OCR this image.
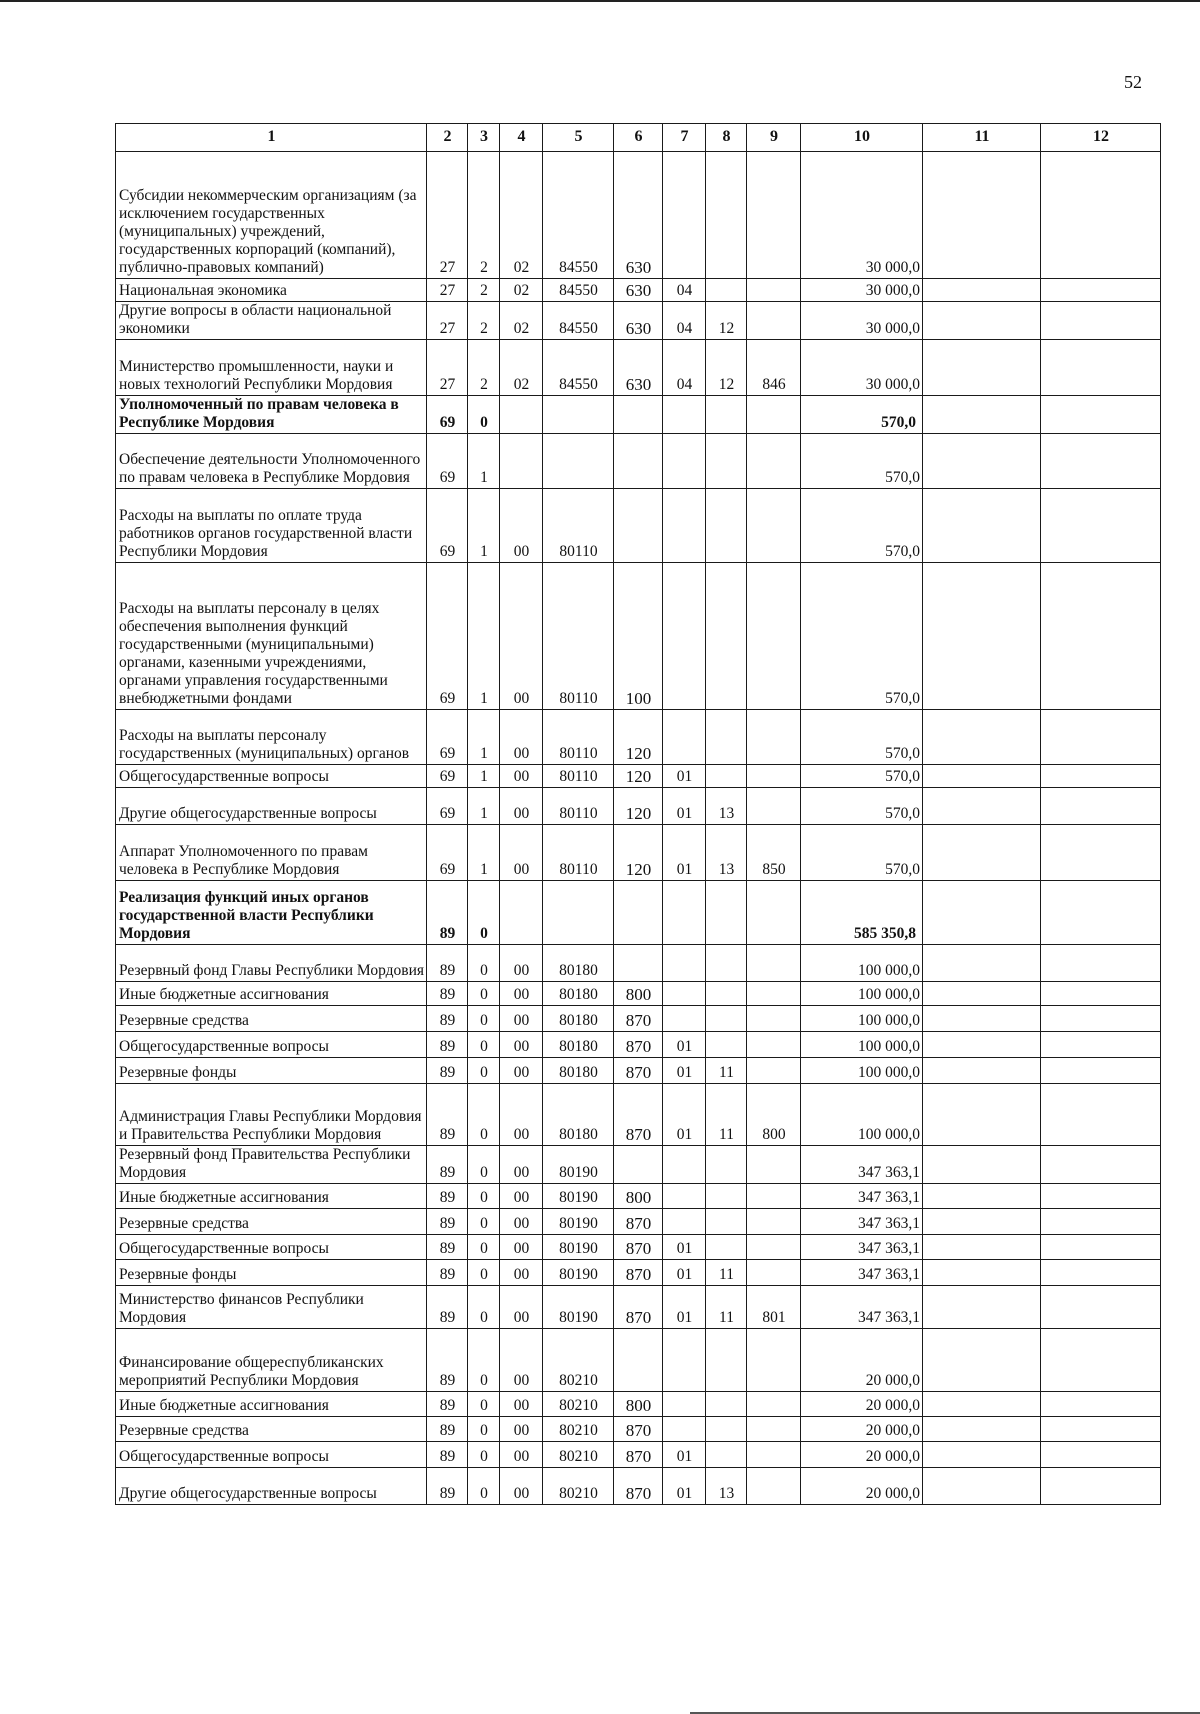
52
1	2	3	4	5	6	7	8	9	10	11	12
Субсидии некоммерческим организациям (за исключением государственных (муниципальных) учреждений, государственных корпораций (компаний), публично-правовых компаний)	27	2	02	84550	630				30 000,0		
Национальная экономика	27	2	02	84550	630	04			30 000,0		
Другие вопросы в области национальной экономики	27	2	02	84550	630	04	12		30 000,0		
Министерство промышленности, науки и новых технологий Республики Мордовия	27	2	02	84550	630	04	12	846	30 000,0		
Уполномоченный по правам человека в Республике Мордовия	69	0							570,0		
Обеспечение деятельности Уполномоченного по правам человека в Республике Мордовия	69	1							570,0		
Расходы на выплаты по оплате труда работников органов государственной власти Республики Мордовия	69	1	00	80110					570,0		
Расходы на выплаты персоналу в целях обеспечения выполнения функций государственными (муниципальными) органами, казенными учреждениями, органами управления государственными внебюджетными фондами	69	1	00	80110	100				570,0		
Расходы на выплаты персоналу государственных (муниципальных) органов	69	1	00	80110	120				570,0		
Общегосударственные вопросы	69	1	00	80110	120	01			570,0		
Другие общегосударственные вопросы	69	1	00	80110	120	01	13		570,0		
Аппарат Уполномоченного по правам человека в Республике Мордовия	69	1	00	80110	120	01	13	850	570,0		
Реализация функций иных органов государственной власти Республики Мордовия	89	0							585 350,8		
Резервный фонд Главы Республики Мордовия	89	0	00	80180					100 000,0		
Иные бюджетные ассигнования	89	0	00	80180	800				100 000,0		
Резервные средства	89	0	00	80180	870				100 000,0		
Общегосударственные вопросы	89	0	00	80180	870	01			100 000,0		
Резервные фонды	89	0	00	80180	870	01	11		100 000,0		
Администрация Главы Республики Мордовия и Правительства Республики Мордовия	89	0	00	80180	870	01	11	800	100 000,0		
Резервный фонд Правительства Республики Мордовия	89	0	00	80190					347 363,1		
Иные бюджетные ассигнования	89	0	00	80190	800				347 363,1		
Резервные средства	89	0	00	80190	870				347 363,1		
Общегосударственные вопросы	89	0	00	80190	870	01			347 363,1		
Резервные фонды	89	0	00	80190	870	01	11		347 363,1		
Министерство финансов Республики Мордовия	89	0	00	80190	870	01	11	801	347 363,1		
Финансирование общереспубликанских мероприятий Республики Мордовия	89	0	00	80210					20 000,0		
Иные бюджетные ассигнования	89	0	00	80210	800				20 000,0		
Резервные средства	89	0	00	80210	870				20 000,0		
Общегосударственные вопросы	89	0	00	80210	870	01			20 000,0		
Другие общегосударственные вопросы	89	0	00	80210	870	01	13		20 000,0		
